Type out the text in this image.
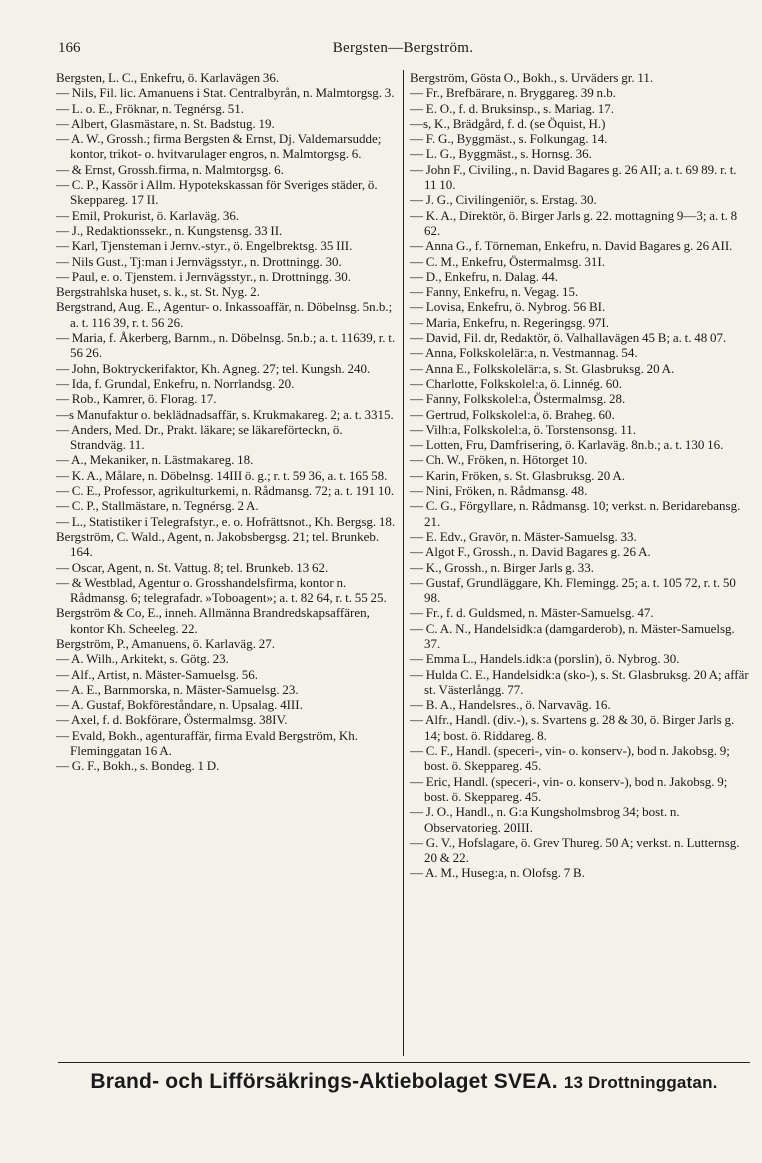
166	Bergsten—Bergström.
Bergsten, L. C., Enkefru, ö. Karlavägen 36.
— Nils, Fil. lic. Amanuens i Stat. Centralbyrån, n. Malmtorgsg. 3.
— L. o. E., Fröknar, n. Tegnérsg. 51.
— Albert, Glasmästare, n. St. Badstug. 19.
— A. W., Grossh.; firma Bergsten & Ernst, Dj. Valdemarsudde; kontor, trikot- o. hvitvarulager engros, n. Malmtorgsg. 6.
— & Ernst, Grossh.firma, n. Malmtorgsg. 6.
— C. P., Kassör i Allm. Hypotekskassan för Sveriges städer, ö. Skeppareg. 17 II.
— Emil, Prokurist, ö. Karlaväg. 36.
— J., Redaktionssekr., n. Kungstensg. 33 II.
— Karl, Tjensteman i Jernv.-styr., ö. Engelbrektsg. 35 III.
— Nils Gust., Tj:man i Jernvägsstyr., n. Drottningg. 30.
— Paul, e. o. Tjenstem. i Jernvägsstyr., n. Drottningg. 30.
Bergstrahlska huset, s. k., st. St. Nyg. 2.
Bergstrand, Aug. E., Agentur- o. Inkassoaffär, n. Döbelnsg. 5n.b.; a. t. 116 39, r. t. 56 26.
— Maria, f. Åkerberg, Barnm., n. Döbelnsg. 5n.b.; a. t. 11639, r. t. 56 26.
— John, Boktryckerifaktor, Kh. Agneg. 27; tel. Kungsh. 240.
— Ida, f. Grundal, Enkefru, n. Norrlandsg. 20.
— Rob., Kamrer, ö. Florag. 17.
—s Manufaktur o. beklädnadsaffär, s. Krukmakareg. 2; a. t. 3315.
— Anders, Med. Dr., Prakt. läkare; se läkareförteckn, ö. Strandväg. 11.
— A., Mekaniker, n. Lästmakareg. 18.
— K. A., Målare, n. Döbelnsg. 14III ö. g.; r. t. 59 36, a. t. 165 58.
— C. E., Professor, agrikulturkemi, n. Rådmansg. 72; a. t. 191 10.
— C. P., Stallmästare, n. Tegnérsg. 2 A.
— L., Statistiker i Telegrafstyr., e. o. Hofrättsnot., Kh. Bergsg. 18.
Bergström, C. Wald., Agent, n. Jakobsbergsg. 21; tel. Brunkeb. 164.
— Oscar, Agent, n. St. Vattug. 8; tel. Brunkeb. 13 62.
— & Westblad, Agentur o. Grosshandelsfirma, kontor n. Rådmansg. 6; telegrafadr. »Toboagent»; a. t. 82 64, r. t. 55 25.
Bergström & Co, E., inneh. Allmänna Brandredskapsaffären, kontor Kh. Scheeleg. 22.
Bergström, P., Amanuens, ö. Karlaväg. 27.
— A. Wilh., Arkitekt, s. Götg. 23.
— Alf., Artist, n. Mäster-Samuelsg. 56.
— A. E., Barnmorska, n. Mäster-Samuelsg. 23.
— A. Gustaf, Bokföreståndare, n. Upsalag. 4III.
— Axel, f. d. Bokförare, Östermalmsg. 38IV.
— Evald, Bokh., agenturaffär, firma Evald Bergström, Kh. Fleminggatan 16 A.
— G. F., Bokh., s. Bondeg. 1 D.
Bergström, Gösta O., Bokh., s. Urväders gr. 11.
— Fr., Brefbärare, n. Bryggareg. 39 n.b.
— E. O., f. d. Bruksinsp., s. Mariag. 17.
—s, K., Brädgård, f. d. (se Öquist, H.)
— F. G., Byggmäst., s. Folkungag. 14.
— L. G., Byggmäst., s. Hornsg. 36.
— John F., Civiling., n. David Bagares g. 26 AII; a. t. 69 89. r. t. 11 10.
— J. G., Civilingeniör, s. Erstag. 30.
— K. A., Direktör, ö. Birger Jarls g. 22. mottagning 9—3; a. t. 8 62.
— Anna G., f. Törneman, Enkefru, n. David Bagares g. 26 AII.
— C. M., Enkefru, Östermalmsg. 31I.
— D., Enkefru, n. Dalag. 44.
— Fanny, Enkefru, n. Vegag. 15.
— Lovisa, Enkefru, ö. Nybrog. 56 BI.
— Maria, Enkefru, n. Regeringsg. 97I.
— David, Fil. dr, Redaktör, ö. Valhallavägen 45 B; a. t. 48 07.
— Anna, Folkskolelär:a, n. Vestmannag. 54.
— Anna E., Folkskolelär:a, s. St. Glasbruksg. 20 A.
— Charlotte, Folkskolel:a, ö. Linnég. 60.
— Fanny, Folkskolel:a, Östermalmsg. 28.
— Gertrud, Folkskolel:a, ö. Braheg. 60.
— Vilh:a, Folkskolel:a, ö. Torstensonsg. 11.
— Lotten, Fru, Damfrisering, ö. Karlaväg. 8n.b.; a. t. 130 16.
— Ch. W., Fröken, n. Hötorget 10.
— Karin, Fröken, s. St. Glasbruksg. 20 A.
— Nini, Fröken, n. Rådmansg. 48.
— C. G., Förgyllare, n. Rådmansg. 10; verkst. n. Beridarebansg. 21.
— E. Edv., Gravör, n. Mäster-Samuelsg. 33.
— Algot F., Grossh., n. David Bagares g. 26 A.
— K., Grossh., n. Birger Jarls g. 33.
— Gustaf, Grundläggare, Kh. Flemingg. 25; a. t. 105 72, r. t. 50 98.
— Fr., f. d. Guldsmed, n. Mäster-Samuelsg. 47.
— C. A. N., Handelsidk:a (damgarderob), n. Mäster-Samuelsg. 37.
— Emma L., Handels.idk:a (porslin), ö. Nybrog. 30.
— Hulda C. E., Handelsidk:a (sko-), s. St. Glasbruksg. 20 A; affär st. Västerlångg. 77.
— B. A., Handelsres., ö. Narvaväg. 16.
— Alfr., Handl. (div.-), s. Svartens g. 28 & 30, ö. Birger Jarls g. 14; bost. ö. Riddareg. 8.
— C. F., Handl. (speceri-, vin- o. konserv-), bod n. Jakobsg. 9; bost. ö. Skeppareg. 45.
— Eric, Handl. (speceri-, vin- o. konserv-), bod n. Jakobsg. 9; bost. ö. Skeppareg. 45.
— J. O., Handl., n. G:a Kungsholmsbrog 34; bost. n. Observatorieg. 20III.
— G. V., Hofslagare, ö. Grev Thureg. 50 A; verkst. n. Lutternsg. 20 & 22.
— A. M., Huseg:a, n. Olofsg. 7 B.
Brand- och Lifförsäkrings-Aktiebolaget SVEA. 13 Drottninggatan.
